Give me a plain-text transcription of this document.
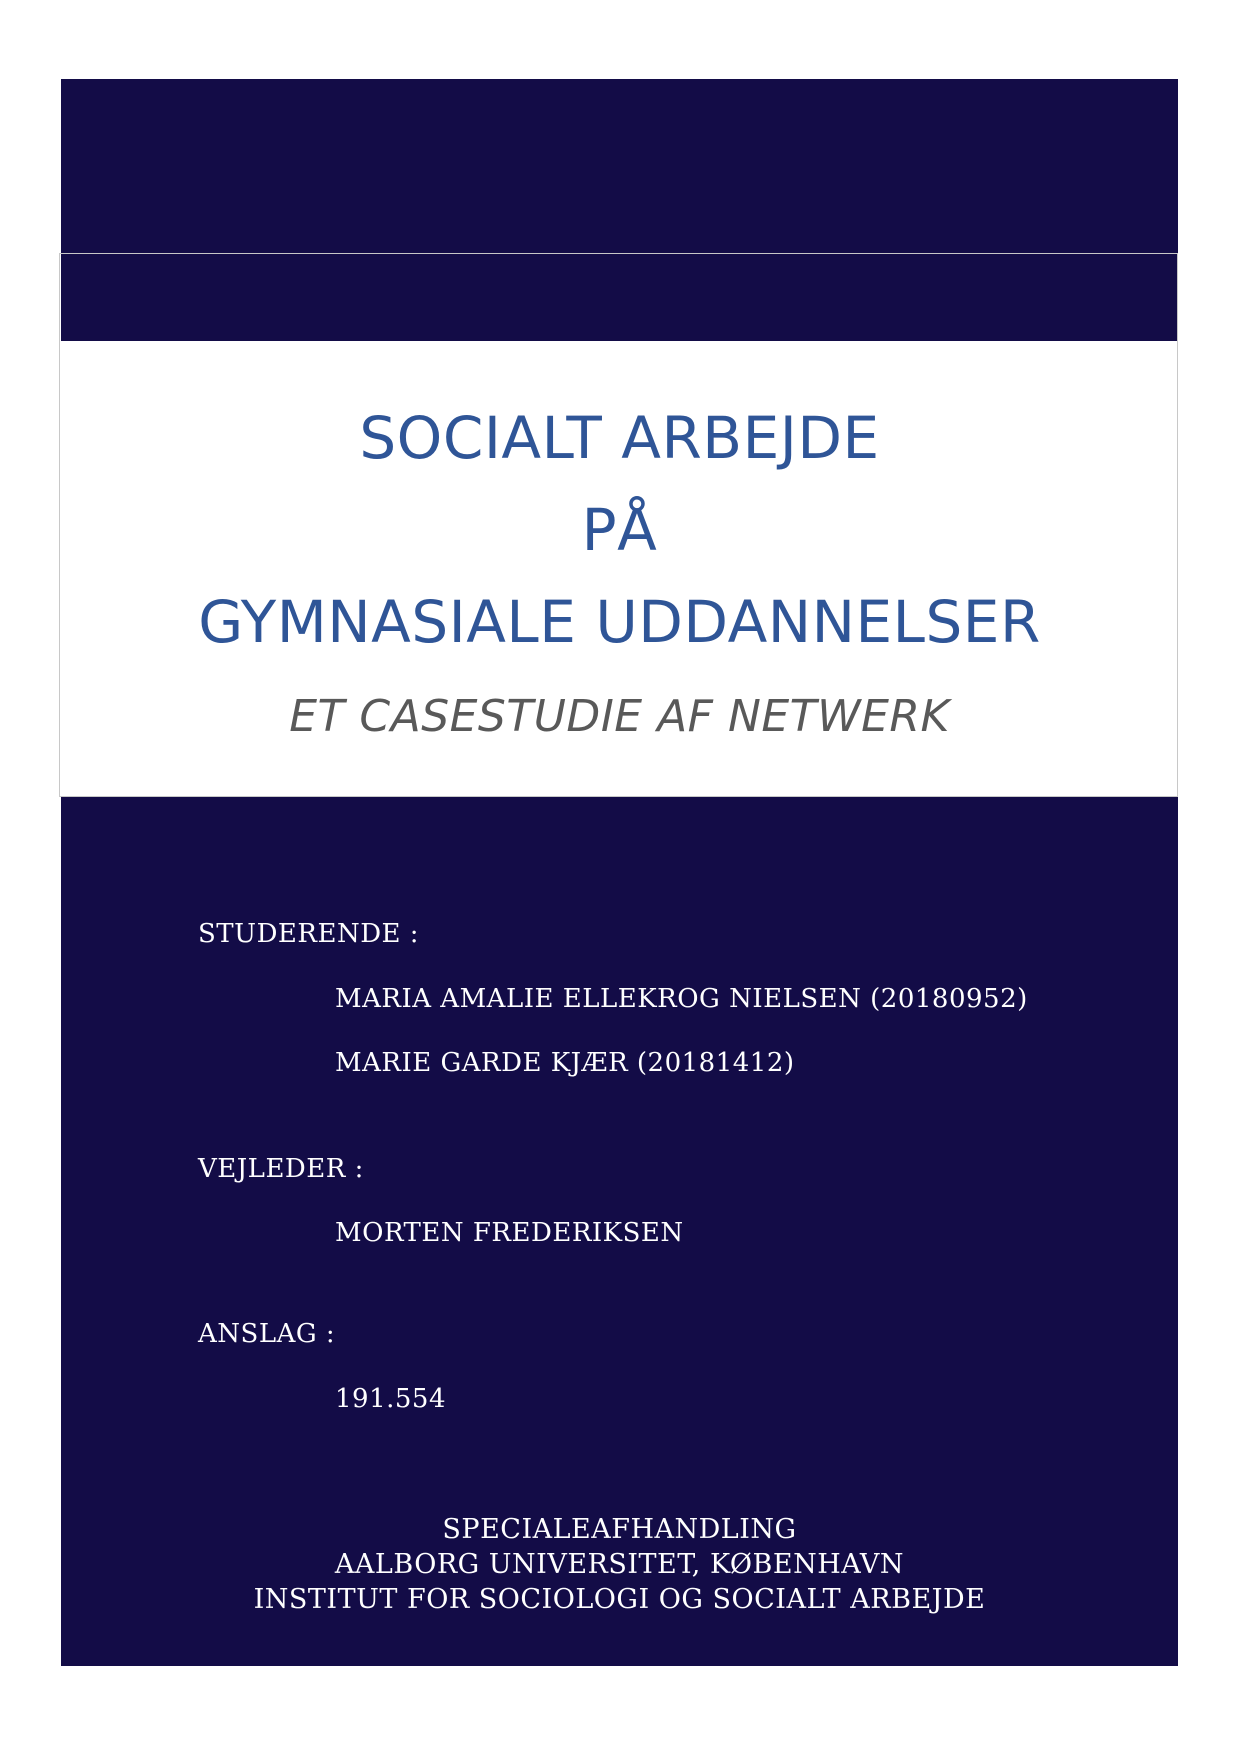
SOCIALT ARBEJDE
PÅ
GYMNASIALE UDDANNELSER
ET CASESTUDIE AF NETWERK
STUDERENDE :
MARIA AMALIE ELLEKROG NIELSEN (20180952)
MARIE GARDE KJÆR (20181412)
VEJLEDER :
MORTEN FREDERIKSEN
ANSLAG :
191.554
SPECIALEAFHANDLING
AALBORG UNIVERSITET, KØBENHAVN
INSTITUT FOR SOCIOLOGI OG SOCIALT ARBEJDE
